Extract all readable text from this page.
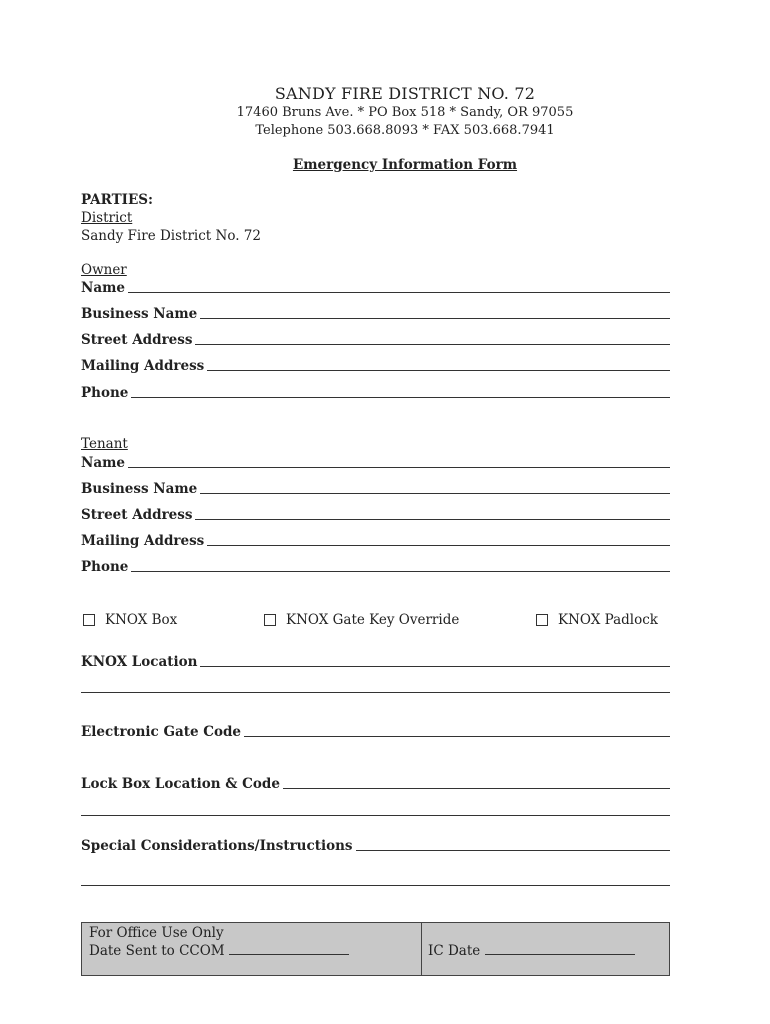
SANDY FIRE DISTRICT NO. 72
17460 Bruns Ave. * PO Box 518 * Sandy, OR 97055
Telephone 503.668.8093 * FAX 503.668.7941
Emergency Information Form
PARTIES:
District
Sandy Fire District No. 72
Owner
Name
Business Name
Street Address
Mailing Address
Phone
Tenant
Name
Business Name
Street Address
Mailing Address
Phone
KNOX Box	KNOX Gate Key Override	KNOX Padlock
KNOX Location
Electronic Gate Code
Lock Box Location & Code
Special Considerations/Instructions
For Office Use Only
Date Sent to CCOM	IC Date
